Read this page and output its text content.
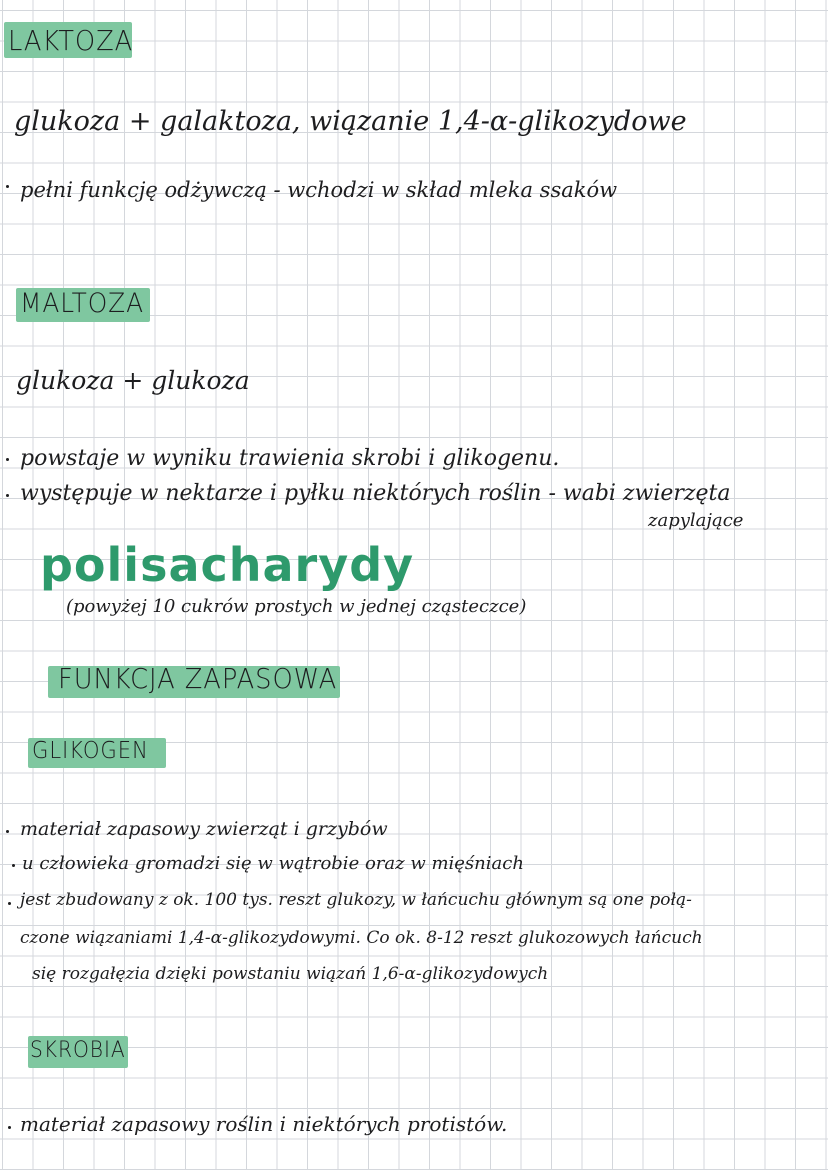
LAKTOZA
glukoza + galaktoza, wiązanie 1,4-α-glikozydowe
pełni funkcję odżywczą - wchodzi w skład mleka ssaków
MALTOZA
glukoza + glukoza
powstaje w wyniku trawienia skrobi i glikogenu.
występuje w nektarze i pyłku niektórych roślin - wabi zwierzęta
zapylające
polisacharydy
(powyżej 10 cukrów prostych w jednej cząsteczce)
FUNKCJA ZAPASOWA
GLIKOGEN
materiał zapasowy zwierząt i grzybów
u człowieka gromadzi się w wątrobie oraz w mięśniach
jest zbudowany z ok. 100 tys. reszt glukozy, w łańcuchu głównym są one połą-
czone wiązaniami 1,4-α-glikozydowymi. Co ok. 8-12 reszt glukozowych łańcuch
się rozgałęzia dzięki powstaniu wiązań 1,6-α-glikozydowych
SKROBIA
materiał zapasowy roślin i niektórych protistów.
